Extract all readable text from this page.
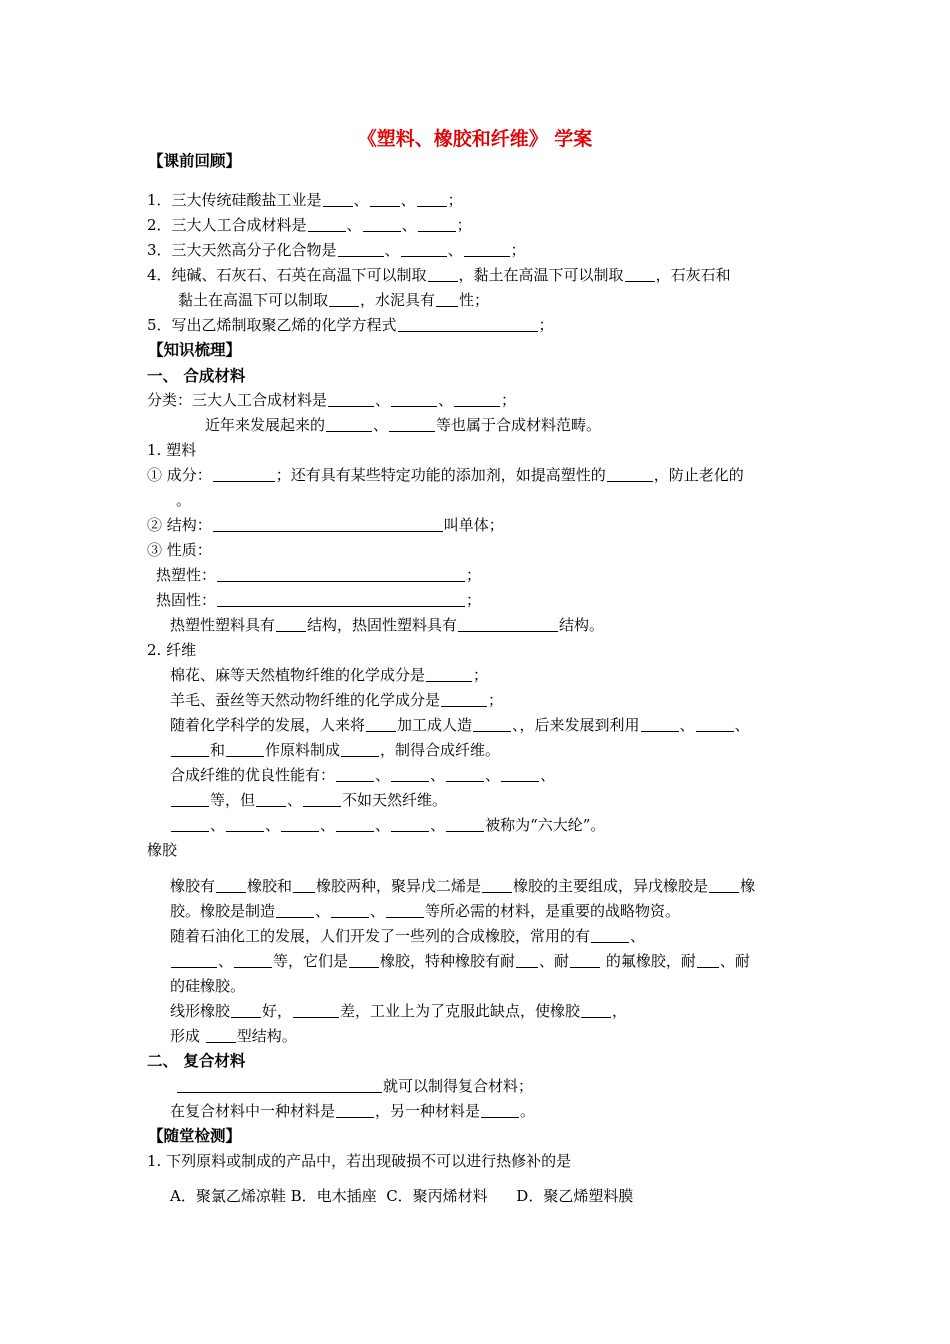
《塑料、橡胶和纤维》 学案
【课前回顾】
1．三大传统硅酸盐工业是 、 、 ；
2．三大人工合成材料是	、	、	；
3．三大天然高分子化合物是	、	、	；
4．纯碱、石灰石、石英在高温下可以制取 ，黏土在高温下可以制取 ，石灰石和
黏土在高温下可以制取 ，水泥具有 性；
5．写出乙烯制取聚乙烯的化学方程式	；
【知识梳理】
一、 合成材料
分类：三大人工合成材料是	、	、	；
近年来发展起来的	、	等也属于合成材料范畴。
1. 塑料
① 成分：	；还有具有某些特定功能的添加剂，如提高塑性的	，防止老化的
。
② 结构：	叫单体；
③ 性质：
热塑性：	；
热固性：	；
热塑性塑料具有 结构，热固性塑料具有	结构。
2. 纤维
棉花、麻等天然植物纤维的化学成分是	；
羊毛、蚕丝等天然动物纤维的化学成分是	；
随着化学科学的发展，人来将 加工成人造	、，后来发展到利用	、	、
和	作原料制成	，制得合成纤维。
合成纤维的优良性能有：	、	、	、	、
等，但 、	不如天然纤维。
、	、	、	、	、	被称为“六大纶”。
橡胶
橡胶有 橡胶和 橡胶两种，聚异戊二烯是 橡胶的主要组成，异戊橡胶是 橡
胶。橡胶是制造	、	、	等所必需的材料，是重要的战略物资。
随着石油化工的发展，人们开发了一些列的合成橡胶，常用的有	、
、	等，它们是 橡胶，特种橡胶有耐 、耐 的氟橡胶，耐 、耐
的硅橡胶。
线形橡胶 好，	差，工业上为了克服此缺点，使橡胶 ，
形成 型结构。
二、 复合材料
就可以制得复合材料；
在复合材料中一种材料是	，另一种材料是	。
【随堂检测】
1. 下列原料或制成的产品中，若出现破损不可以进行热修补的是
A．聚氯乙烯凉鞋 B．电木插座 C．聚丙烯材料 D．聚乙烯塑料膜
